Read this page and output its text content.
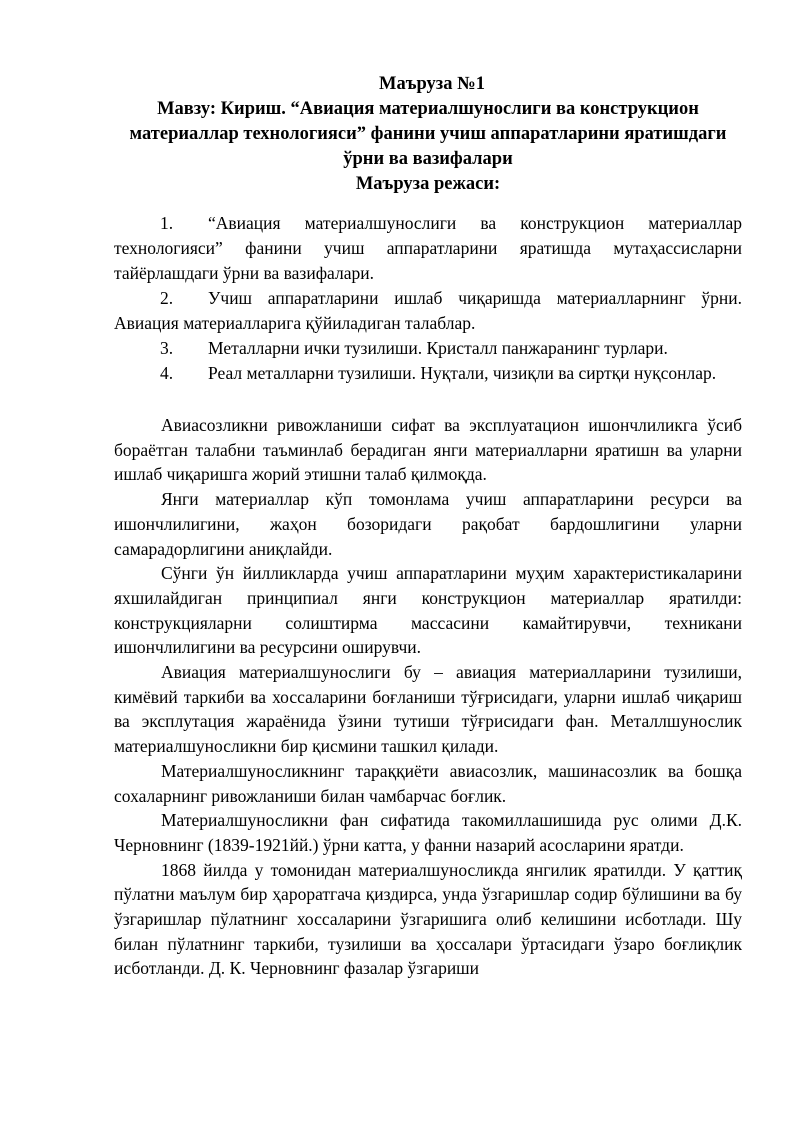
Маъруза №1

Мавзу: Кириш. “Авиация материалшунослиги ва конструкцион материаллар технологияси” фанини учиш аппаратларини яратишдаги ўрни ва вазифалари

Маъруза режаси:

1. “Авиация материалшунослиги ва конструкцион материаллар технологияси” фанини учиш аппаратларини яратишда мутаҳассисларни тайёрлашдаги ўрни ва вазифалари.

2. Учиш аппаратларини ишлаб чиқаришда материалларнинг ўрни. Авиация материалларига қўйиладиган талаблар.

3. Металларни ички тузилиши. Кристалл панжаранинг турлари.

4. Реал металларни тузилиши. Нуқтали, чизиқли ва сиртқи нуқсонлар.

Авиасозликни ривожланиши сифат ва эксплуатацион ишончлиликга ўсиб бораётган талабни таъминлаб берадиган янги материалларни яратишн ва уларни ишлаб чиқаришга жорий этишни талаб қилмоқда.

Янги материаллар кўп томонлама учиш аппаратларини ресурси ва ишончлилигини, жаҳон бозоридаги рақобат бардошлигини уларни самарадорлигини аниқлайди.

Сўнги ўн йилликларда учиш аппаратларини муҳим характеристикаларини яхшилайдиган принципиал янги конструкцион материаллар яратилди: конструкцияларни солиштирма массасини камайтирувчи, техникани ишончлилигини ва ресурсини оширувчи.

Авиация материалшунослиги бу – авиация материалларини тузилиши, кимёвий таркиби ва хоссаларини боғланиши тўғрисидаги, уларни ишлаб чиқариш ва эксплутация жараёнида ўзини тутиши тўғрисидаги фан. Металлшунослик материалшуносликни бир қисмини ташкил қилади.

Материалшуносликнинг тараққиёти авиасозлик, машинасозлик ва бошқа сохаларнинг ривожланиши билан чамбарчас боғлик.

Материалшуносликни фан сифатида такомиллашишида рус олими Д.К. Черновнинг (1839-1921йй.) ўрни катта, у фанни назарий асосларини яратди.

1868 йилда у томонидан материалшуносликда янгилик яратилди. У қаттиқ пўлатни маълум бир ҳароратгача қиздирса, унда ўзгаришлар содир бўлишини ва бу ўзгаришлар пўлатнинг хоссаларини ўзгаришига олиб келишини исботлади. Шу билан пўлатнинг таркиби, тузилиши ва ҳосcалари ўртасидаги ўзаро боғлиқлик исботланди. Д. К. Черновнинг фазалар ўзгариши
